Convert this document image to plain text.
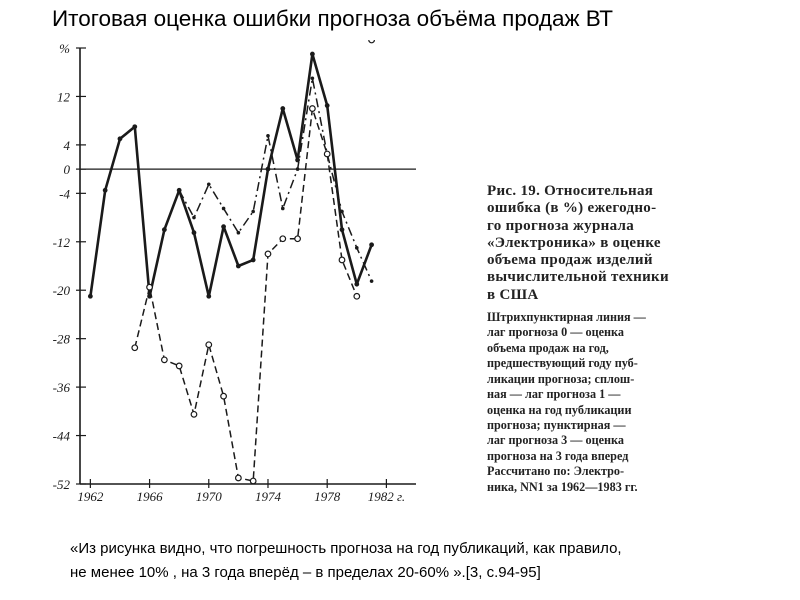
Итоговая оценка ошибки прогноза объёма продаж ВТ
%
12
4
0
-4
-12
-20
-28
-36
-44
-52
1962	1966	1970	1974	1978 1982 г.
Рис. 19. Относительная
ошибка (в %) ежегодно-
го прогноза журнала
«Электроника» в оценке
объема продаж изделий
вычислительной техники
в США
Штрихпунктирная линия —
лаг прогноза 0 — оценка
объема продаж на год,
предшествующий году пуб-
ликации прогноза; сплош-
ная — лаг прогноза 1 —
оценка на год публикации
прогноза; пунктирная —
лаг прогноза 3 — оценка
прогноза на 3 года вперед
Рассчитано по: Электро-
ника, NN1 за 1962—1983 гг.
«Из рисунка видно, что погрешность прогноза на год публикаций, как правило,
не менее 10% , на 3 года вперёд – в пределах 20-60% ».[3, с.94-95]
